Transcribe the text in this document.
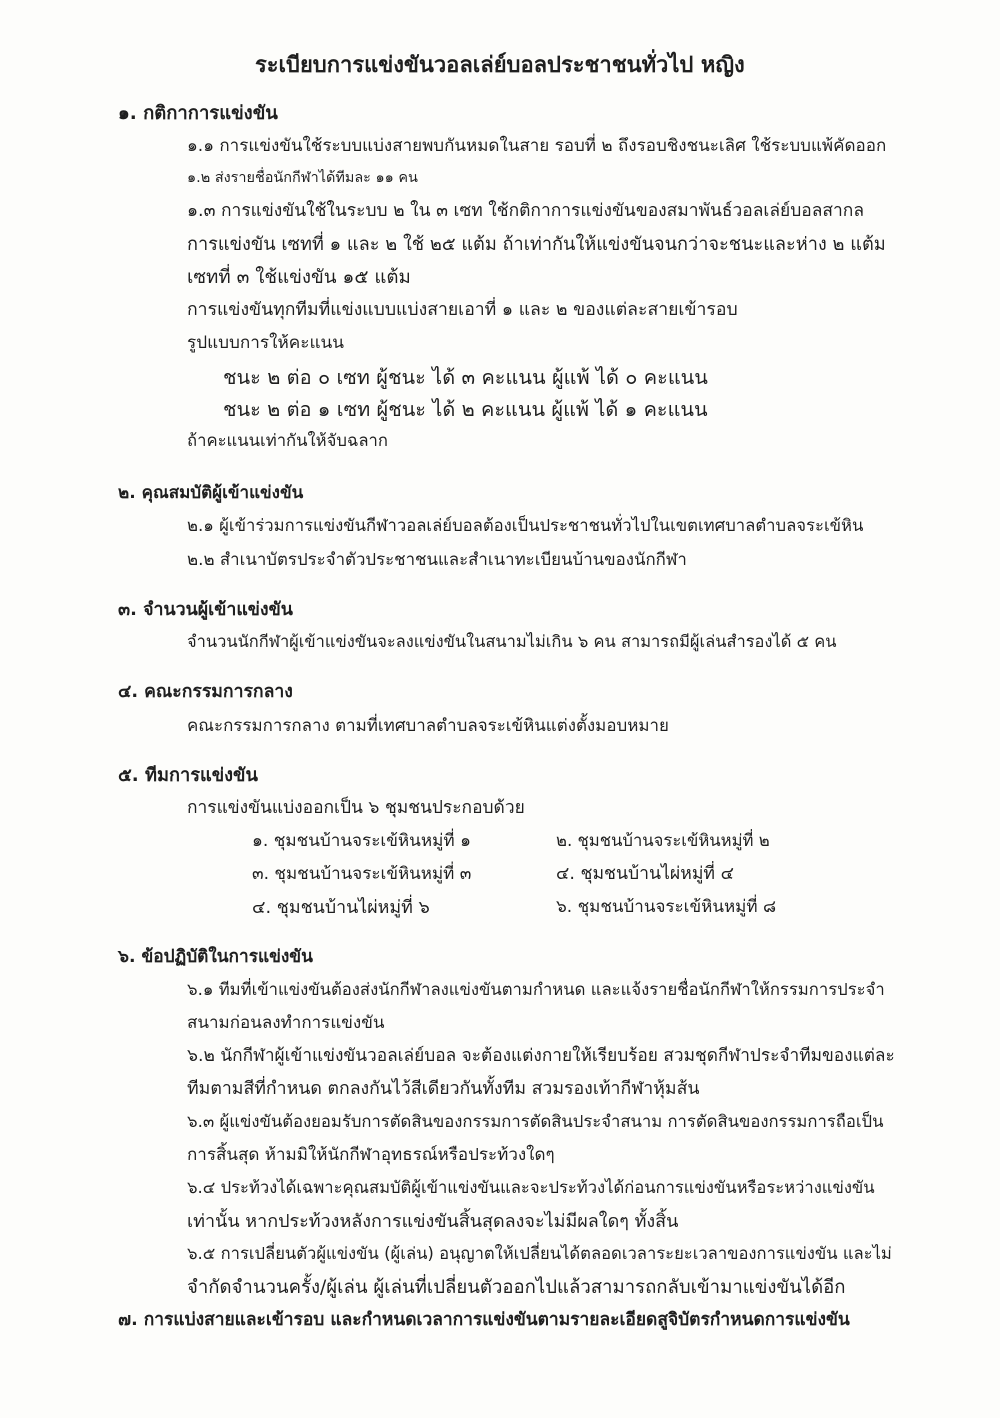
ระเบียบการแข่งขันวอลเล่ย์บอลประชาชนทั่วไป หญิง
๑. กติกาการแข่งขัน
๑.๑ การแข่งขันใช้ระบบแบ่งสายพบกันหมดในสาย รอบที่ ๒ ถึงรอบชิงชนะเลิศ ใช้ระบบแพ้คัดออก
๑.๒ ส่งรายชื่อนักกีฬาได้ทีมละ ๑๑ คน
๑.๓ การแข่งขันใช้ในระบบ ๒ ใน ๓ เซท ใช้กติกาการแข่งขันของสมาพันธ์วอลเล่ย์บอลสากล
การแข่งขัน เซทที่ ๑ และ ๒ ใช้ ๒๕ แต้ม ถ้าเท่ากันให้แข่งขันจนกว่าจะชนะและห่าง ๒ แต้ม
เซทที่ ๓ ใช้แข่งขัน ๑๕ แต้ม
การแข่งขันทุกทีมที่แข่งแบบแบ่งสายเอาที่ ๑ และ ๒ ของแต่ละสายเข้ารอบ
รูปแบบการให้คะแนน
ชนะ ๒ ต่อ ๐ เซท ผู้ชนะ ได้ ๓ คะแนน ผู้แพ้ ได้ ๐ คะแนน
ชนะ ๒ ต่อ ๑ เซท ผู้ชนะ ได้ ๒ คะแนน ผู้แพ้ ได้ ๑ คะแนน
ถ้าคะแนนเท่ากันให้จับฉลาก
๒. คุณสมบัติผู้เข้าแข่งขัน
๒.๑ ผู้เข้าร่วมการแข่งขันกีฬาวอลเล่ย์บอลต้องเป็นประชาชนทั่วไปในเขตเทศบาลตำบลจระเข้หิน
๒.๒ สำเนาบัตรประจำตัวประชาชนและสำเนาทะเบียนบ้านของนักกีฬา
๓. จำนวนผู้เข้าแข่งขัน
จำนวนนักกีฬาผู้เข้าแข่งขันจะลงแข่งขันในสนามไม่เกิน ๖ คน สามารถมีผู้เล่นสำรองได้ ๕ คน
๔. คณะกรรมการกลาง
คณะกรรมการกลาง ตามที่เทศบาลตำบลจระเข้หินแต่งตั้งมอบหมาย
๕. ทีมการแข่งขัน
การแข่งขันแบ่งออกเป็น ๖ ชุมชนประกอบด้วย
๑. ชุมชนบ้านจระเข้หินหมู่ที่ ๑	๒. ชุมชนบ้านจระเข้หินหมู่ที่ ๒
๓. ชุมชนบ้านจระเข้หินหมู่ที่ ๓	๔. ชุมชนบ้านไผ่หมู่ที่ ๔
๔. ชุมชนบ้านไผ่หมู่ที่ ๖	๖. ชุมชนบ้านจระเข้หินหมู่ที่ ๘
๖. ข้อปฏิบัติในการแข่งขัน
๖.๑ ทีมที่เข้าแข่งขันต้องส่งนักกีฬาลงแข่งขันตามกำหนด และแจ้งรายชื่อนักกีฬาให้กรรมการประจำ
สนามก่อนลงทำการแข่งขัน
๖.๒ นักกีฬาผู้เข้าแข่งขันวอลเล่ย์บอล จะต้องแต่งกายให้เรียบร้อย สวมชุดกีฬาประจำทีมของแต่ละ
ทีมตามสีที่กำหนด ตกลงกันไว้สีเดียวกันทั้งทีม สวมรองเท้ากีฬาหุ้มส้น
๖.๓ ผู้แข่งขันต้องยอมรับการตัดสินของกรรมการตัดสินประจำสนาม การตัดสินของกรรมการถือเป็น
การสิ้นสุด ห้ามมิให้นักกีฬาอุทธรณ์หรือประท้วงใดๆ
๖.๔ ประท้วงได้เฉพาะคุณสมบัติผู้เข้าแข่งขันและจะประท้วงได้ก่อนการแข่งขันหรือระหว่างแข่งขัน
เท่านั้น หากประท้วงหลังการแข่งขันสิ้นสุดลงจะไม่มีผลใดๆ ทั้งสิ้น
๖.๕ การเปลี่ยนตัวผู้แข่งขัน (ผู้เล่น) อนุญาตให้เปลี่ยนได้ตลอดเวลาระยะเวลาของการแข่งขัน และไม่
จำกัดจำนวนครั้ง/ผู้เล่น ผู้เล่นที่เปลี่ยนตัวออกไปแล้วสามารถกลับเข้ามาแข่งขันได้อีก
๗. การแบ่งสายและเข้ารอบ และกำหนดเวลาการแข่งขันตามรายละเอียดสูจิบัตรกำหนดการแข่งขัน
